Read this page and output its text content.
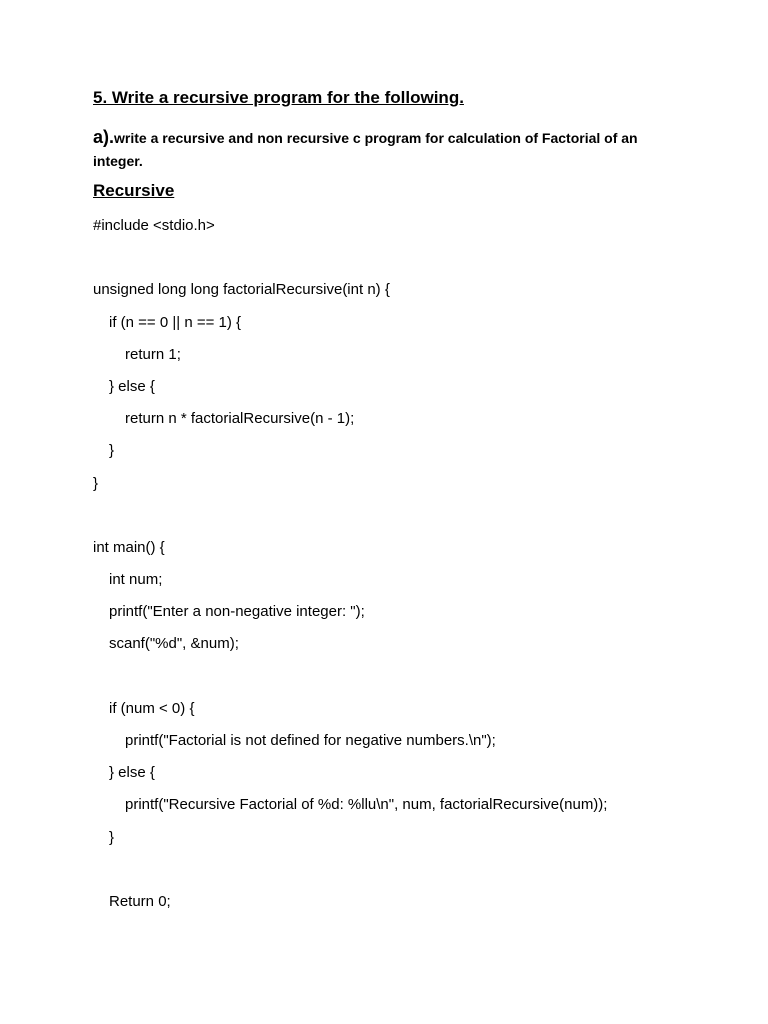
5. Write a recursive program for the following.
a).write a recursive and non recursive c program for calculation of Factorial of an integer.
Recursive
#include <stdio.h>
unsigned long long factorialRecursive(int n) {
if (n == 0 || n == 1) {
return 1;
} else {
return n * factorialRecursive(n - 1);
}
}
int main() {
int num;
printf("Enter a non-negative integer: ");
scanf("%d", &num);
if (num < 0) {
printf("Factorial is not defined for negative numbers.\n");
} else {
printf("Recursive Factorial of %d: %llu\n", num, factorialRecursive(num));
}
Return 0;
